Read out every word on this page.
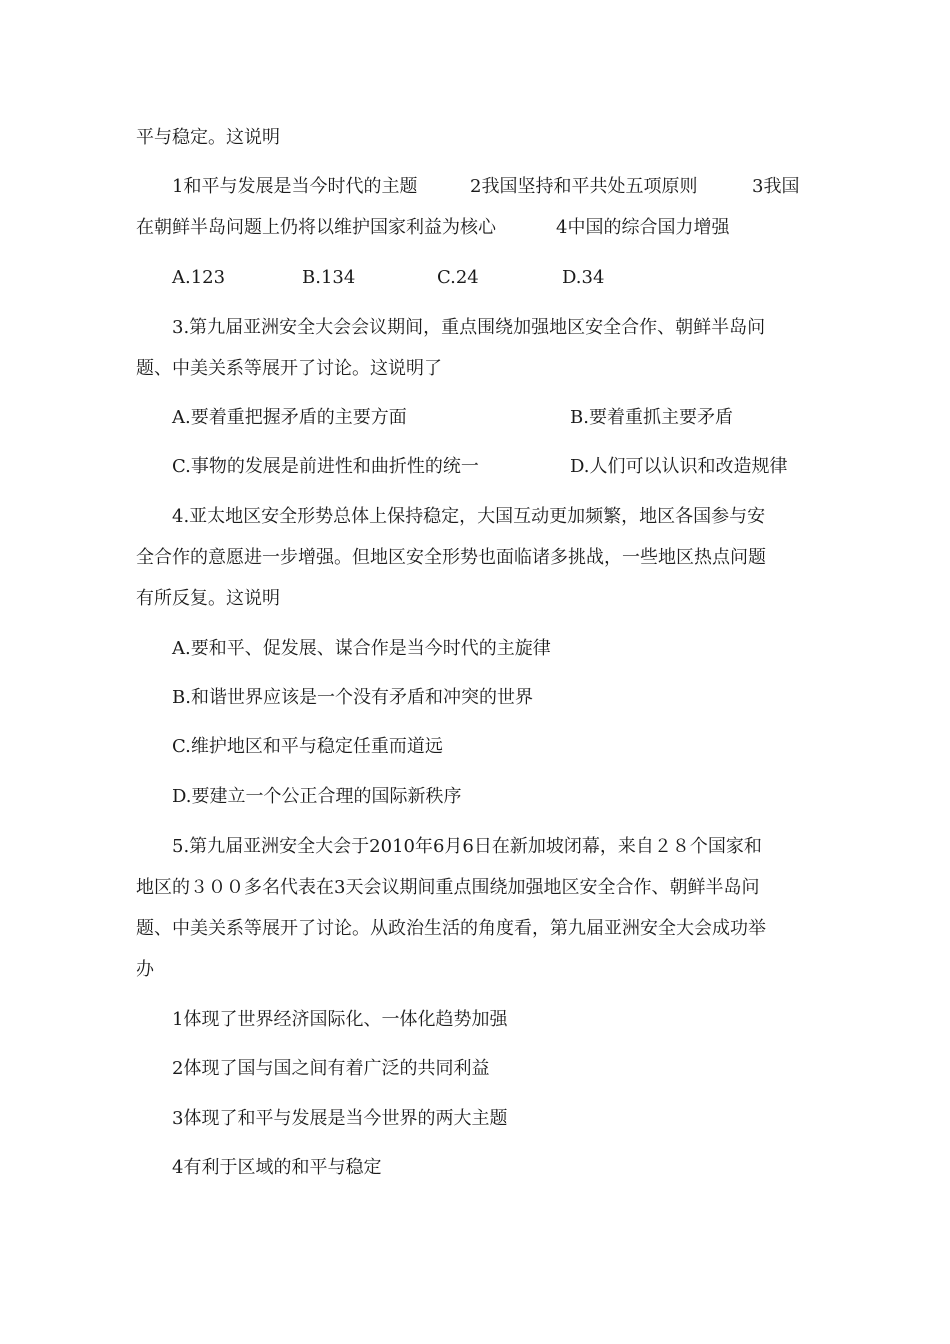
平与稳定。这说明
1和平与发展是当今时代的主题	2我国坚持和平共处五项原则	3我国
在朝鲜半岛问题上仍将以维护国家利益为核心	4中国的综合国力增强
A.123	B.134	C.24	D.34
3.第九届亚洲安全大会会议期间，重点围绕加强地区安全合作、朝鲜半岛问
题、中美关系等展开了讨论。这说明了
A.要着重把握矛盾的主要方面	B.要着重抓主要矛盾
C.事物的发展是前进性和曲折性的统一	D.人们可以认识和改造规律
4.亚太地区安全形势总体上保持稳定，大国互动更加频繁，地区各国参与安
全合作的意愿进一步增强。但地区安全形势也面临诸多挑战，一些地区热点问题
有所反复。这说明
A.要和平、促发展、谋合作是当今时代的主旋律
B.和谐世界应该是一个没有矛盾和冲突的世界
C.维护地区和平与稳定任重而道远
D.要建立一个公正合理的国际新秩序
5.第九届亚洲安全大会于2010年6月6日在新加坡闭幕，来自２８个国家和
地区的３００多名代表在3天会议期间重点围绕加强地区安全合作、朝鲜半岛问
题、中美关系等展开了讨论。从政治生活的角度看，第九届亚洲安全大会成功举
办
1体现了世界经济国际化、一体化趋势加强
2体现了国与国之间有着广泛的共同利益
3体现了和平与发展是当今世界的两大主题
4有利于区域的和平与稳定
